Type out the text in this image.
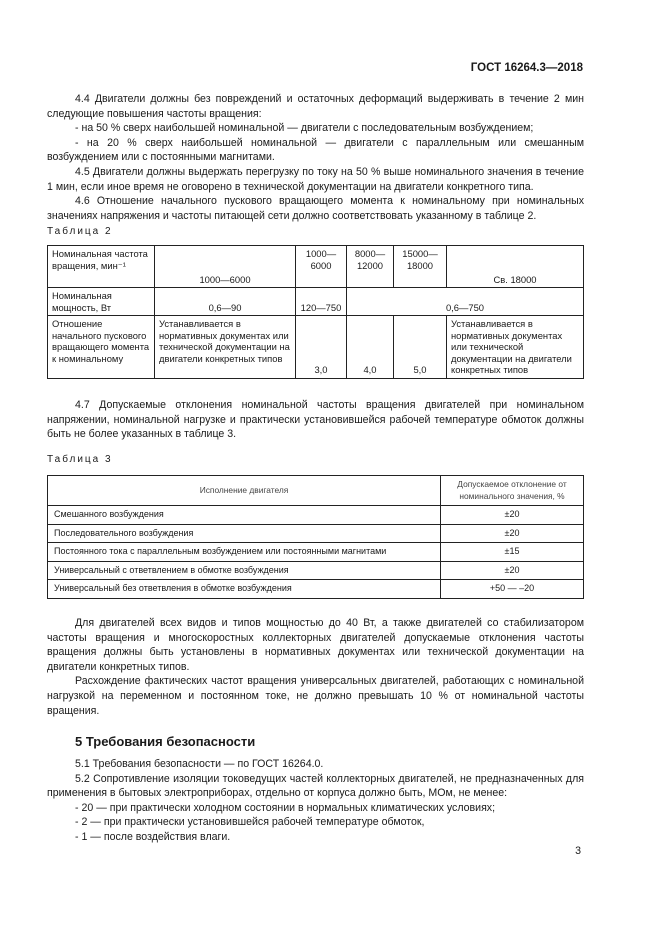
ГОСТ 16264.3—2018

4.4 Двигатели должны без повреждений и остаточных деформаций выдерживать в течение 2 мин следующие повышения частоты вращения:

- на 50 % сверх наибольшей номинальной — двигатели с последовательным возбуждением;

- на 20 % сверх наибольшей номинальной — двигатели с параллельным или смешанным возбуждением или с постоянными магнитами.

4.5 Двигатели должны выдержать перегрузку по току на 50 % выше номинального значения в течение 1 мин, если иное время не оговорено в технической документации на двигатели конкретного типа.

4.6 Отношение начального пускового вращающего момента к номинальному при номинальных значениях напряжения и частоты питающей сети должно соответствовать указанному в таблице 2.

Таблица 2
Номинальная частота вращения, мин⁻¹	1000—6000	1000—6000	8000—12000	15000—18000	Св. 18000
Номинальная мощность, Вт	0,6—90	120—750	0,6—750		
Отношение начального пускового вращающего момента к номинальному	Устанавливается в нормативных документах или технической документации на двигатели конкретных типов	3,0	4,0	5,0	Устанавливается в нормативных документах или технической документации на двигатели конкретных типов

4.7 Допускаемые отклонения номинальной частоты вращения двигателей при номинальном напряжении, номинальной нагрузке и практически установившейся рабочей температуре обмоток должны быть не более указанных в таблице 3.

Таблица 3
Исполнение двигателя	Допускаемое отклонение от номинального значения, %
Смешанного возбуждения	±20
Последовательного возбуждения	±20
Постоянного тока с параллельным возбуждением или постоянными магнитами	±15
Универсальный с ответвлением в обмотке возбуждения	±20
Универсальный без ответвления в обмотке возбуждения	+50 — –20

Для двигателей всех видов и типов мощностью до 40 Вт, а также двигателей со стабилизатором частоты вращения и многоскоростных коллекторных двигателей допускаемые отклонения частоты вращения должны быть установлены в нормативных документах или технической документации на двигатели конкретных типов.

Расхождение фактических частот вращения универсальных двигателей, работающих с номинальной нагрузкой на переменном и постоянном токе, не должно превышать 10 % от номинальной частоты вращения.

5 Требования безопасности

5.1 Требования безопасности — по ГОСТ 16264.0.

5.2 Сопротивление изоляции токоведущих частей коллекторных двигателей, не предназначенных для применения в бытовых электроприборах, отдельно от корпуса должно быть, МОм, не менее:

- 20 — при практически холодном состоянии в нормальных климатических условиях;

- 2 — при практически установившейся рабочей температуре обмоток,

- 1 — после воздействия влаги.

3
